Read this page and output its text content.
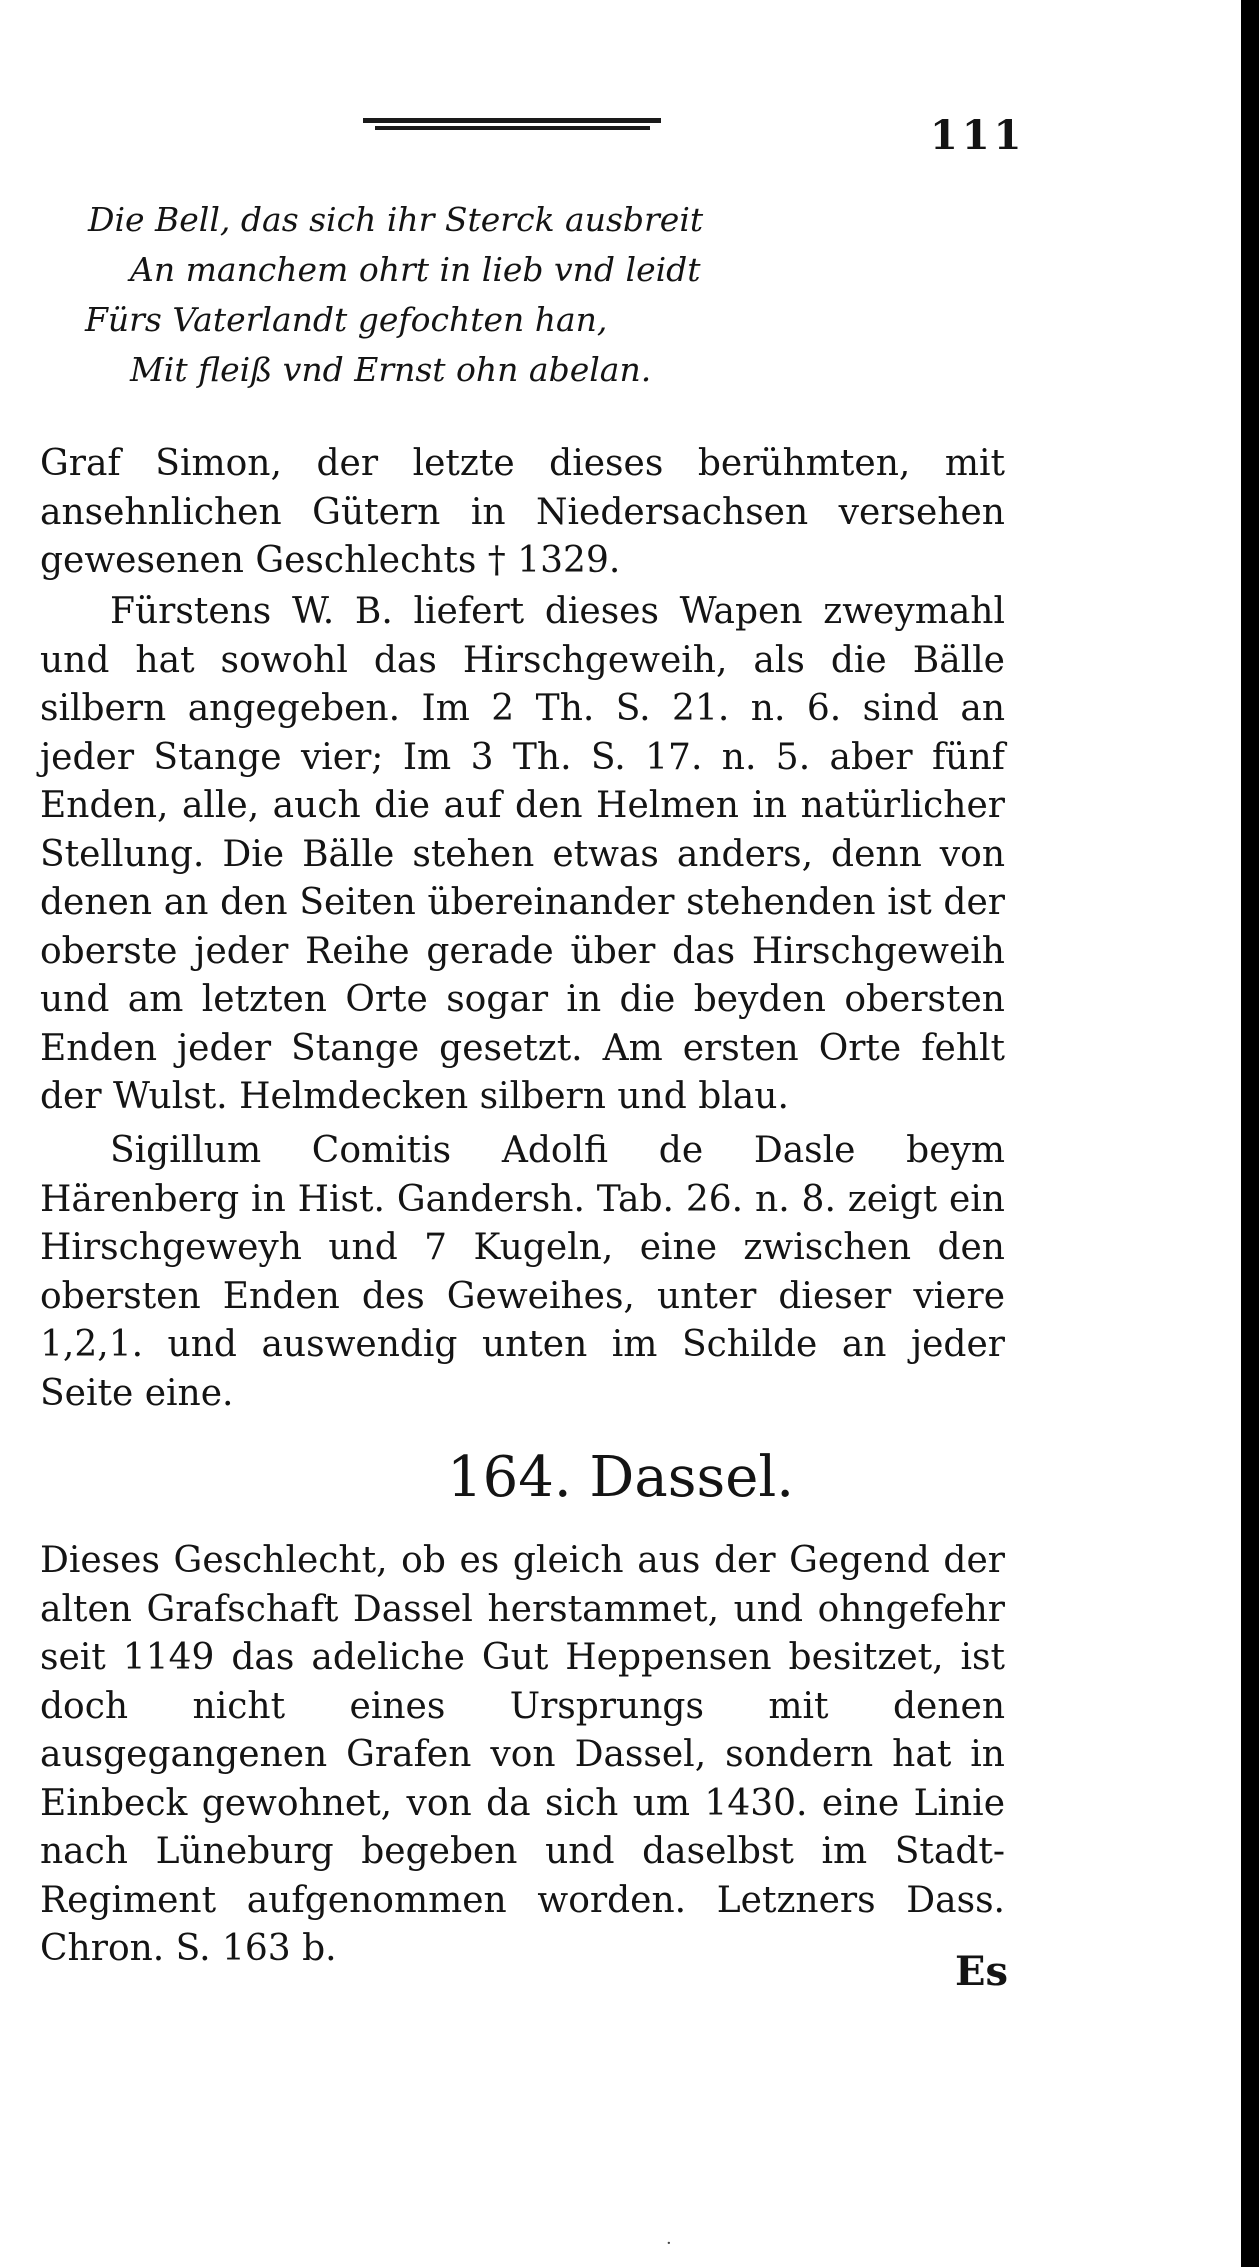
111
Die Bell, das sich ihr Sterck ausbreit
An manchem ohrt in lieb vnd leidt
Fürs Vaterlandt gefochten han,
Mit fleiß vnd Ernst ohn abelan.

Graf Simon, der letzte dieses berühmten, mit ansehnlichen Gütern in Niedersachsen versehen gewesenen Geschlechts † 1329.

Fürstens W. B. liefert dieses Wapen zweymahl und hat sowohl das Hirschgeweih, als die Bälle silbern angegeben. Im 2 Th. S. 21. n. 6. sind an jeder Stange vier; Im 3 Th. S. 17. n. 5. aber fünf Enden, alle, auch die auf den Helmen in natürlicher Stellung. Die Bälle stehen etwas anders, denn von denen an den Seiten übereinander stehenden ist der oberste jeder Reihe gerade über das Hirschgeweih und am letzten Orte sogar in die beyden obersten Enden jeder Stange gesetzt. Am ersten Orte fehlt der Wulst. Helmdecken silbern und blau.

Sigillum Comitis Adolfi de Dasle beym Härenberg in Hist. Gandersh. Tab. 26. n. 8. zeigt ein Hirschgeweyh und 7 Kugeln, eine zwischen den obersten Enden des Geweihes, unter dieser viere 1,2,1. und auswendig unten im Schilde an jeder Seite eine.

164. Dassel.

Dieses Geschlecht, ob es gleich aus der Gegend der alten Grafschaft Dassel herstammet, und ohngefehr seit 1149 das adeliche Gut Heppensen besitzet, ist doch nicht eines Ursprungs mit denen ausgegangenen Grafen von Dassel, sondern hat in Einbeck gewohnet, von da sich um 1430. eine Linie nach Lüneburg begeben und daselbst im Stadt-Regiment aufgenommen worden. Letzners Dass. Chron. S. 163 b.	Es
·
